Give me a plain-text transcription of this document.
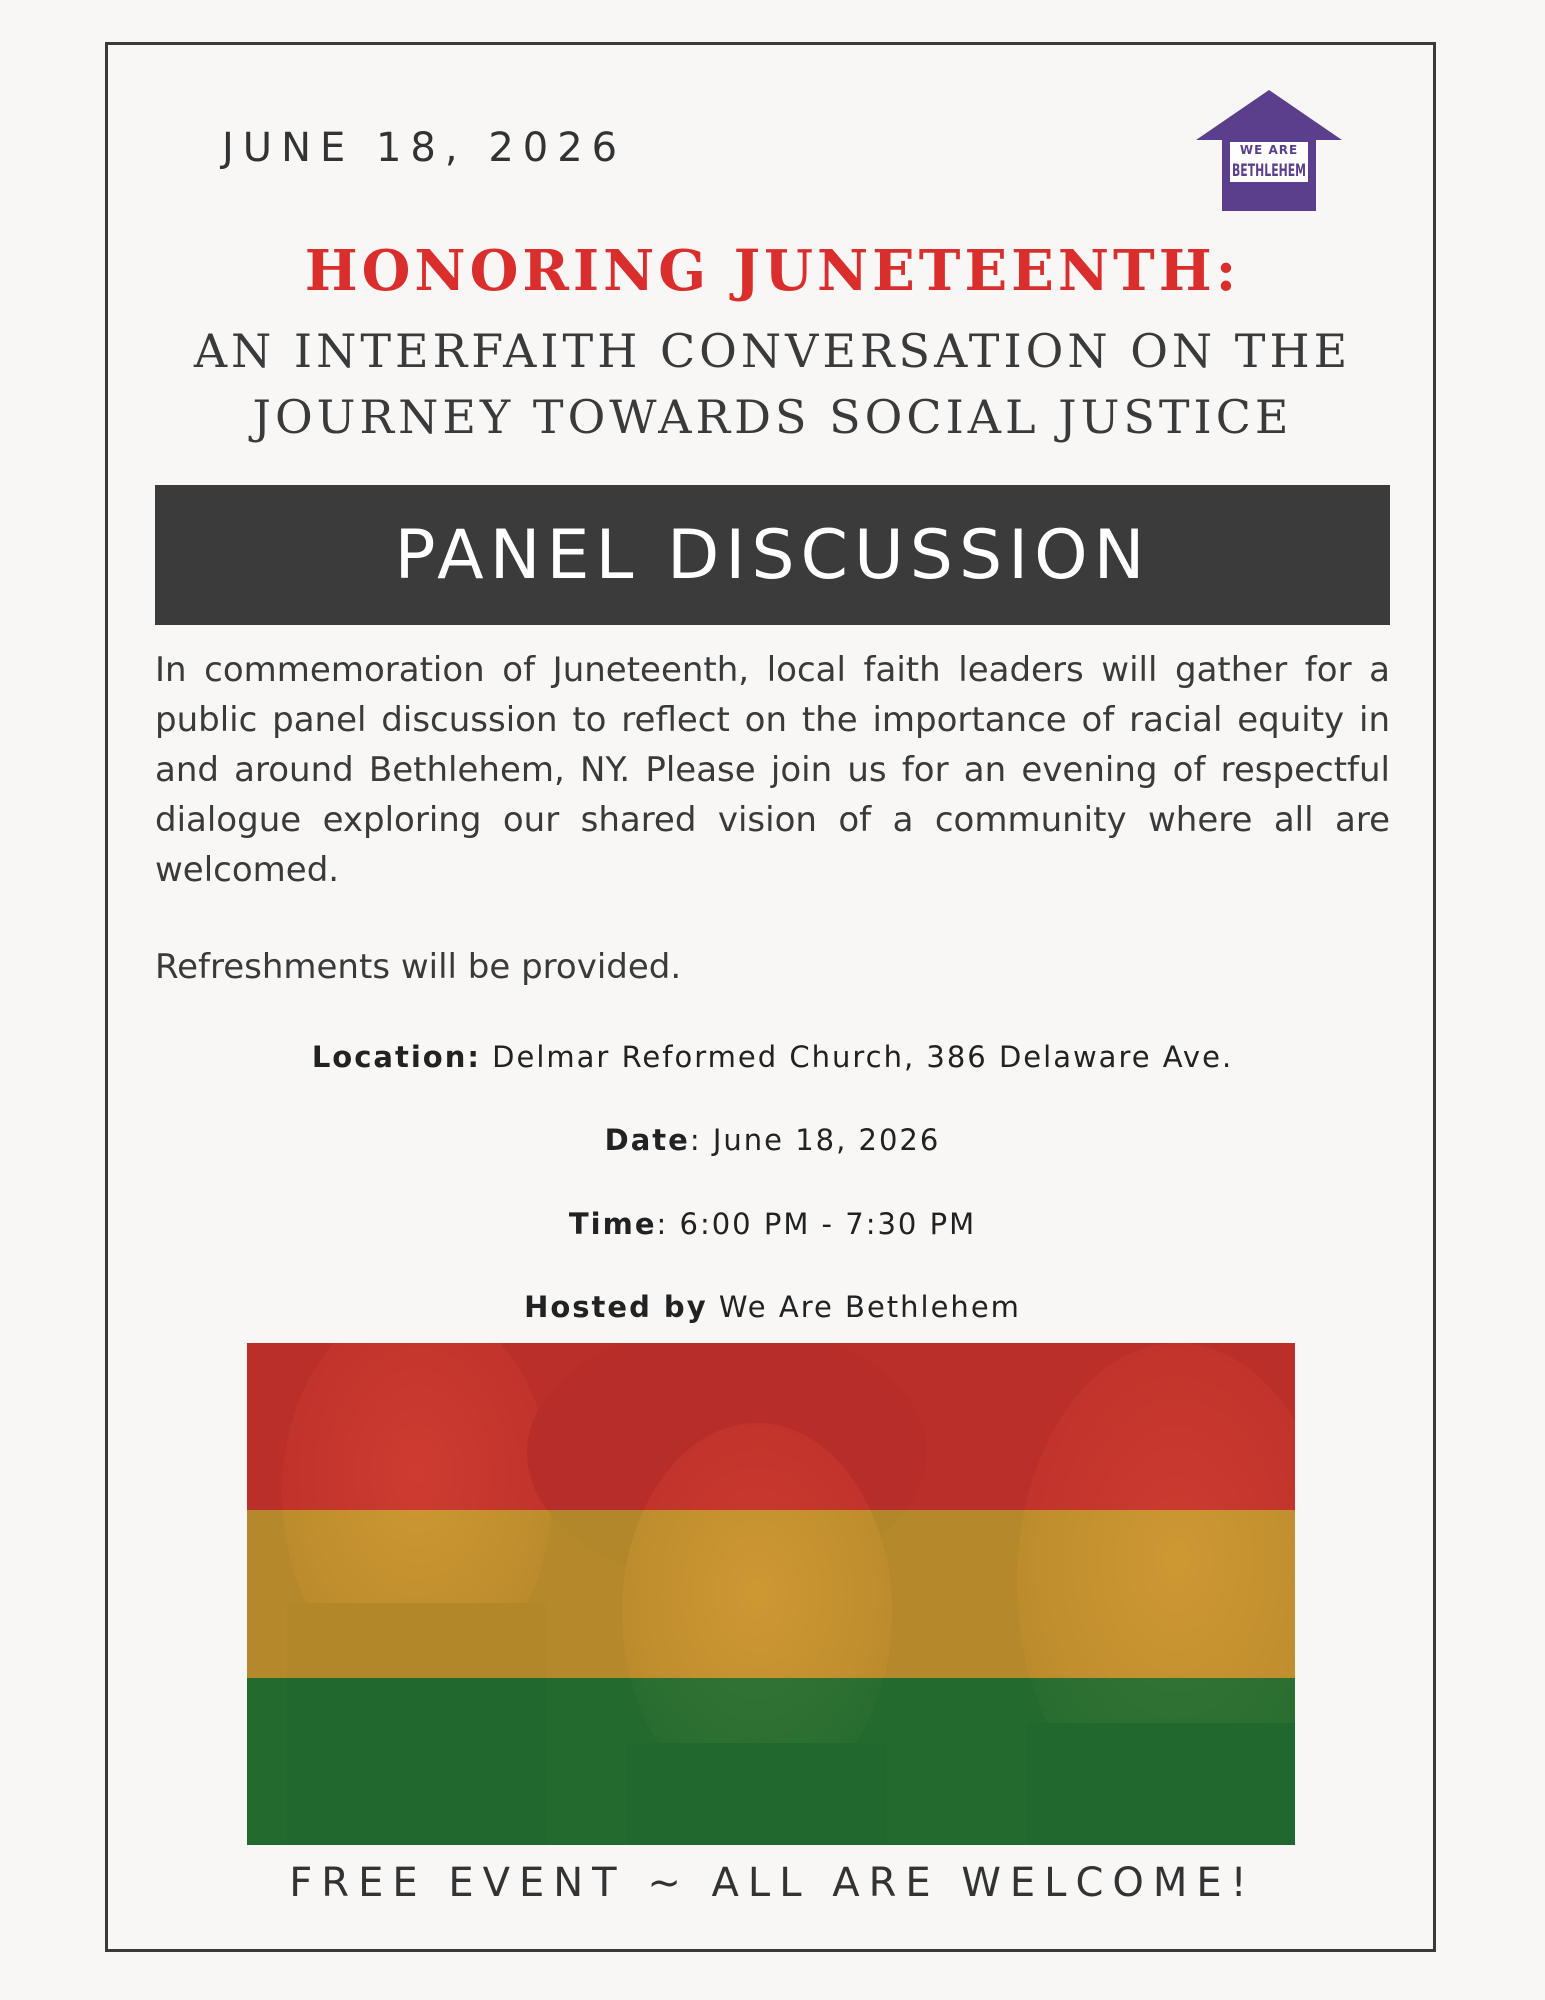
JUNE 18, 2026	WE ARE
BETHLEHEM
HONORING JUNETEENTH:
AN INTERFAITH CONVERSATION ON THE
JOURNEY TOWARDS SOCIAL JUSTICE
PANEL DISCUSSION
In commemoration of Juneteenth, local faith leaders will gather for a public panel discussion to reflect on the importance of racial equity in and around Bethlehem, NY. Please join us for an evening of respectful dialogue exploring our shared vision of a community where all are welcomed.
Refreshments will be provided.
Location: Delmar Reformed Church, 386 Delaware Ave.
Date: June 18, 2026
Time: 6:00 PM - 7:30 PM
Hosted by We Are Bethlehem
FREE EVENT ~ ALL ARE WELCOME!
